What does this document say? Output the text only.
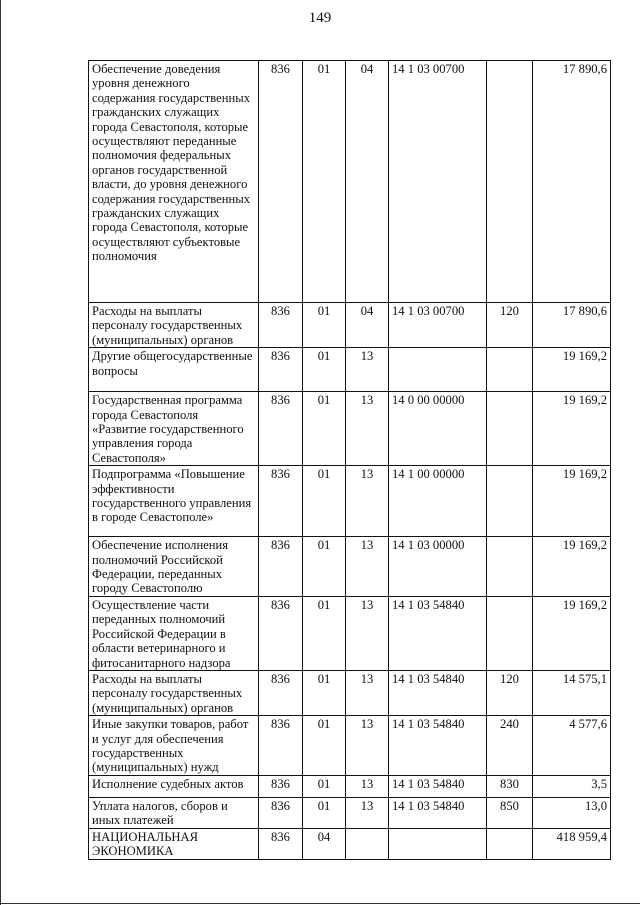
149
Обеспечение доведения уровня денежного содержания государственных гражданских служащих города Севастополя, которые осуществляют переданные полномочия федеральных органов государственной власти, до уровня денежного содержания государственных гражданских служащих города Севастополя, которые осуществляют субъектовые полномочия	836	01	04	14 1 03 00700		17 890,6
Расходы на выплаты персоналу государственных (муниципальных) органов	836	01	04	14 1 03 00700	120	17 890,6
Другие общегосударственные вопросы	836	01	13			19 169,2
Государственная программа города Севастополя «Развитие государственного управления города Севастополя»	836	01	13	14 0 00 00000		19 169,2
Подпрограмма «Повышение эффективности государственного управления в городе Севастополе»	836	01	13	14 1 00 00000		19 169,2
Обеспечение исполнения полномочий Российской Федерации, переданных городу Севастополю	836	01	13	14 1 03 00000		19 169,2
Осуществление части переданных полномочий Российской Федерации в области ветеринарного и фитосанитарного надзора	836	01	13	14 1 03 54840		19 169,2
Расходы на выплаты персоналу государственных (муниципальных) органов	836	01	13	14 1 03 54840	120	14 575,1
Иные закупки товаров, работ и услуг для обеспечения государственных (муниципальных) нужд	836	01	13	14 1 03 54840	240	4 577,6
Исполнение судебных актов	836	01	13	14 1 03 54840	830	3,5
Уплата налогов, сборов и иных платежей	836	01	13	14 1 03 54840	850	13,0
НАЦИОНАЛЬНАЯ ЭКОНОМИКА	836	04				418 959,4
